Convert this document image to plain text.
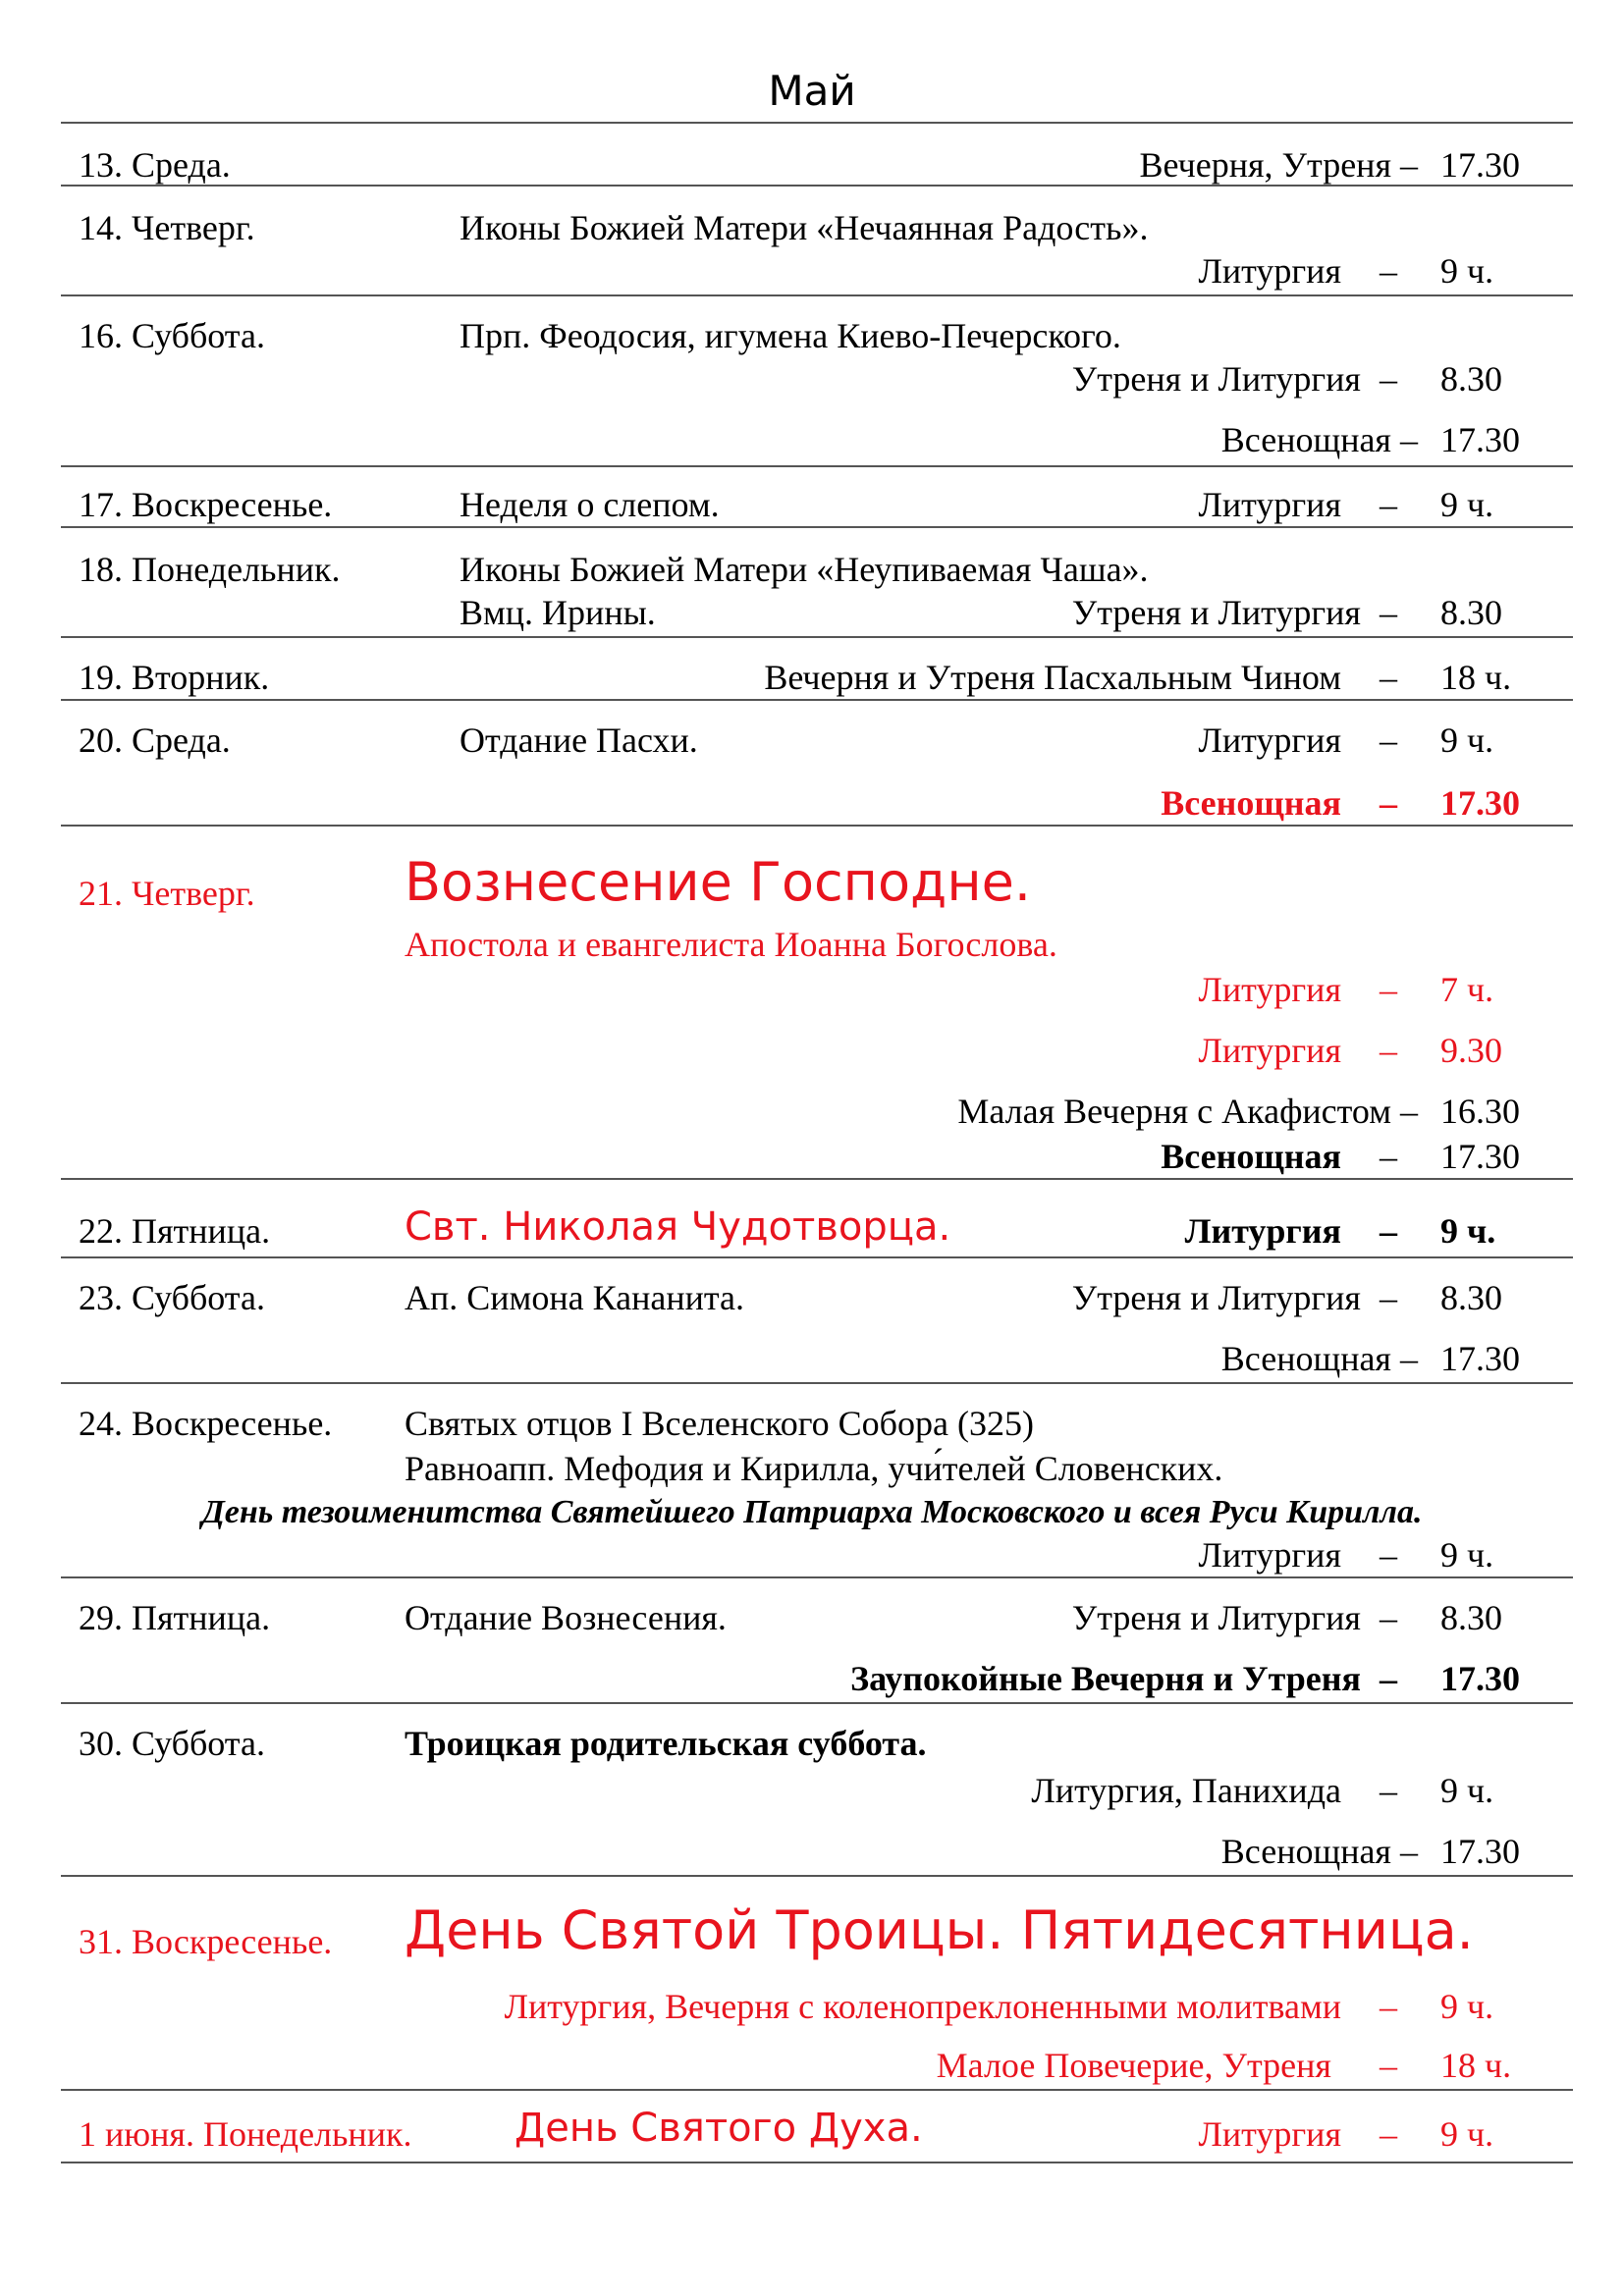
Май
13. Среда.	Вечерня, Утреня – 17.30
14. Четверг.	Иконы Божией Матери «Нечаянная Радость».
Литургия – 9 ч.
16. Суббота.	Прп. Феодосия, игумена Киево-Печерского.
Утреня и Литургия – 8.30
Всенощная – 17.30
17. Воскресенье.	Неделя о слепом.	Литургия – 9 ч.
18. Понедельник.	Иконы Божией Матери «Неупиваемая Чаша».
Вмц. Ирины.	Утреня и Литургия – 8.30
19. Вторник.	Вечерня и Утреня Пасхальным Чином – 18 ч.
20. Среда.	Отдание Пасхи.	Литургия – 9 ч.
Всенощная – 17.30
21. Четверг.	Вознесение Господне.
Апостола и евангелиста Иоанна Богослова.
Литургия – 7 ч.
Литургия – 9.30
Малая Вечерня с Акафистом – 16.30
Всенощная – 17.30
22. Пятница.	Свт. Николая Чудотворца.	Литургия – 9 ч.
23. Суббота.	Ап. Симона Кананита.	Утреня и Литургия – 8.30
Всенощная – 17.30
24. Воскресенье. Святых отцов I Вселенского Собора (325)
Равноапп. Мефодия и Кирилла, учи́телей Словенских.
День тезоименитства Святейшего Патриарха Московского и всея Руси Кирилла.
Литургия – 9 ч.
29. Пятница.	Отдание Вознесения.	Утреня и Литургия – 8.30
Заупокойные Вечерня и Утреня – 17.30
30. Суббота.	Троицкая родительская суббота.
Литургия, Панихида – 9 ч.
Всенощная – 17.30
31. Воскресенье. День Святой Троицы. Пятидесятница.
Литургия, Вечерня с коленопреклоненными молитвами – 9 ч.
Малое Повечерие, Утреня – 18 ч.
1 июня. Понедельник.	День Святого Духа.	Литургия – 9 ч.
